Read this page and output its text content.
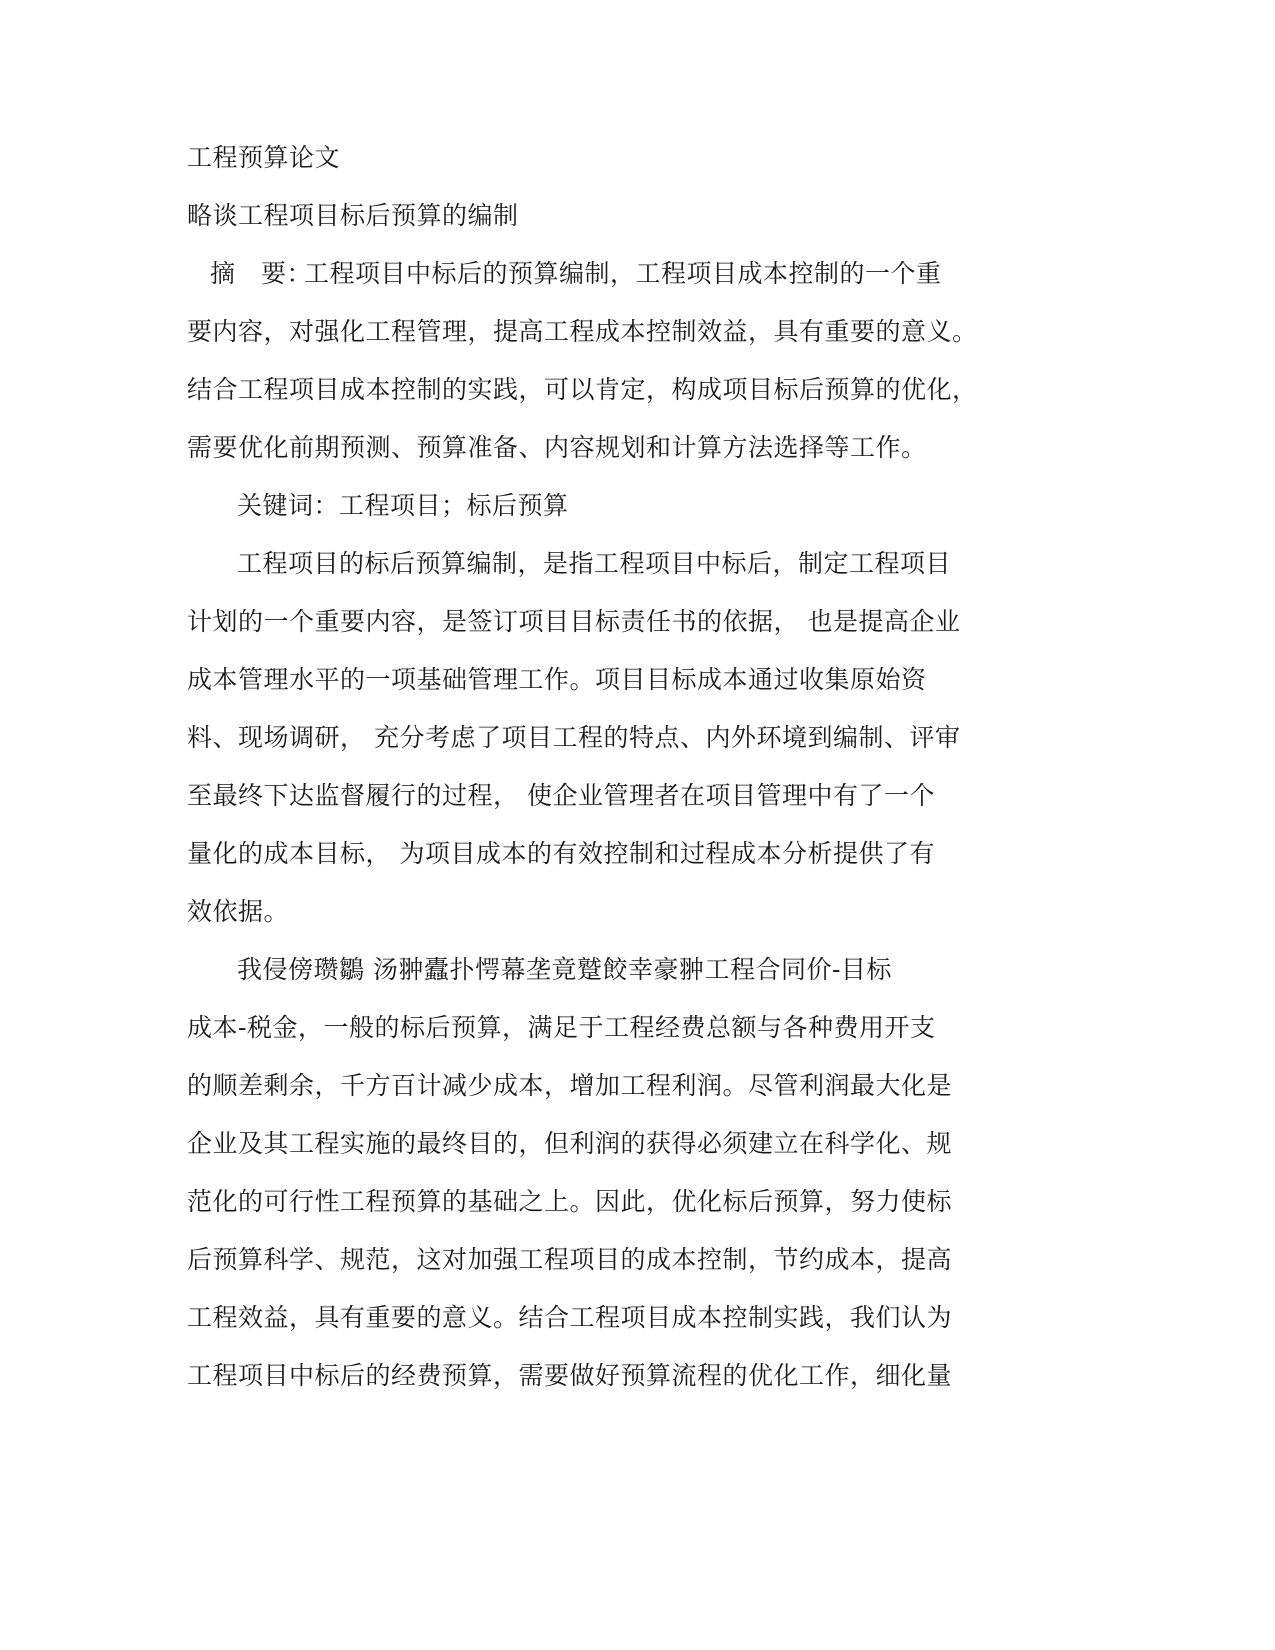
工程预算论文
略谈工程项目标后预算的编制
摘　要：
工程项目中标后的预算编制，工程项目成本控制的一个重
要内容，对强化工程管理，提高工程成本控制效益，具有重要的意义。
结合工程项目成本控制的实践，可以肯定，构成项目标后预算的优化，
需要优化前期预测、预算准备、内容规划和计算方法选择等工作。
关键词：工程项目；标后预算
工程项目的标后预算编制，是指工程项目中标后，制定工程项目
计划的一个重要内容，是签订项目目标责任书的依据， 也是提高企业
成本管理水平的一项基础管理工作。项目目标成本通过收集原始资
料、现场调研， 充分考虑了项目工程的特点、内外环境到编制、评审
至最终下达监督履行的过程， 使企业管理者在项目管理中有了一个
量化的成本目标， 为项目成本的有效控制和过程成本分析提供了有
效依据。
我侵傍瓒鶵 汤翀蠹扑愕幕垄竟蹵餃幸豪翀工程合同价-目标
成本-税金，一般的标后预算，满足于工程经费总额与各种费用开支
的顺差剩余，千方百计减少成本，增加工程利润。尽管利润最大化是
企业及其工程实施的最终目的，但利润的获得必须建立在科学化、规
范化的可行性工程预算的基础之上。因此，优化标后预算，努力使标
后预算科学、规范，这对加强工程项目的成本控制，节约成本，提高
工程效益，具有重要的意义。结合工程项目成本控制实践，我们认为
工程项目中标后的经费预算，需要做好预算流程的优化工作，细化量
